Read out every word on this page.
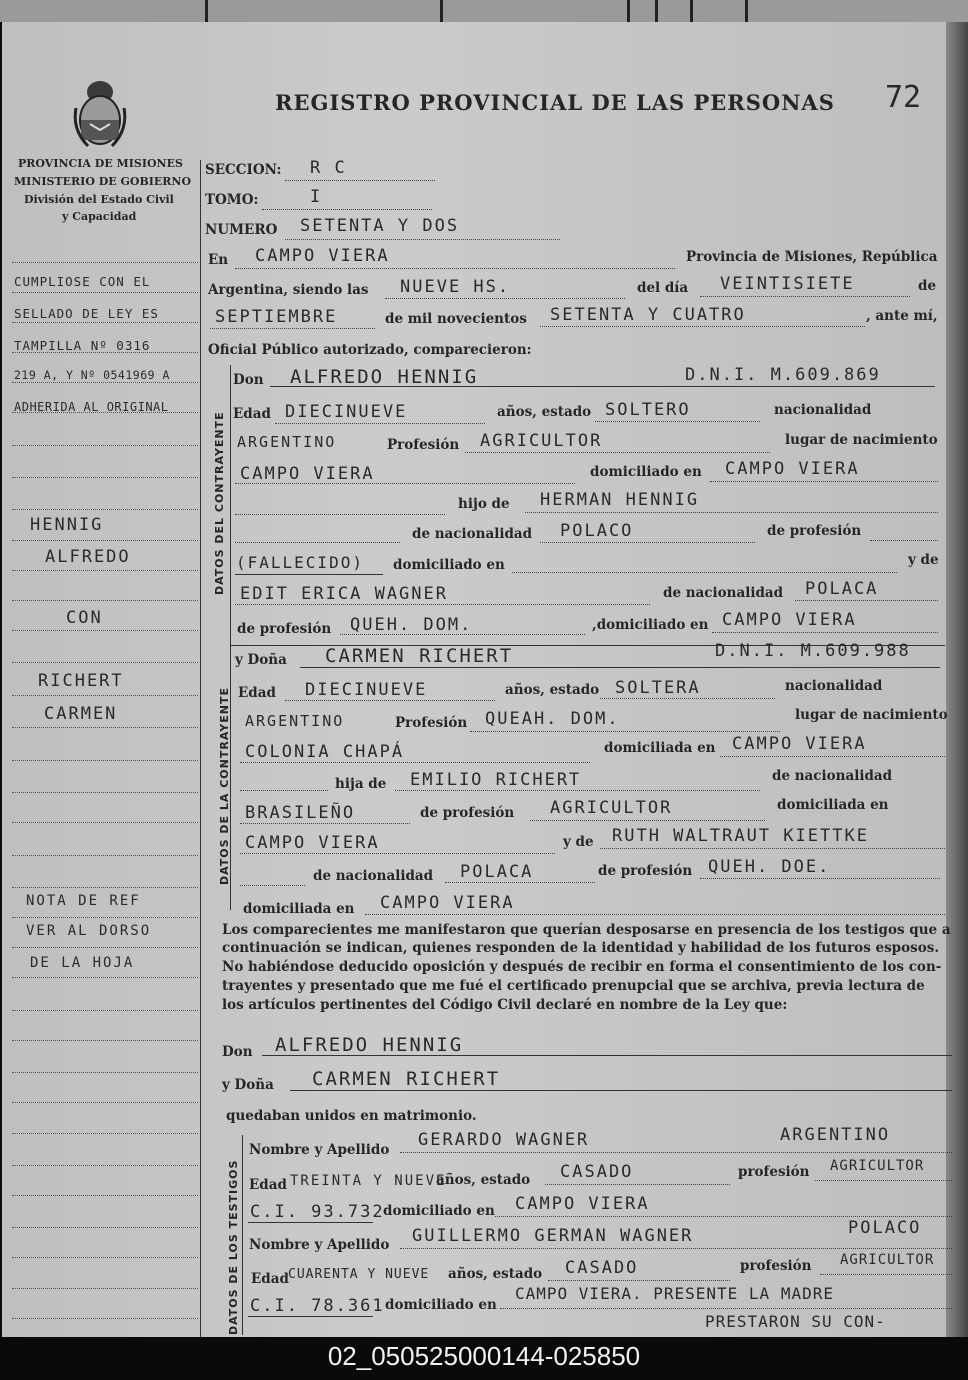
REGISTRO PROVINCIAL DE LAS PERSONAS 72
PROVINCIA DE MISIONES
MINISTERIO DE GOBIERNO
División del Estado Civil
y Capacidad
CUMPLIOSE CON EL
SELLADO DE LEY ES
TAMPILLA Nº 0316
219 A, Y Nº 0541969 A
ADHERIDA AL ORIGINAL
HENNIG
ALFREDO
CON
RICHERT
CARMEN
NOTA DE REF
VER AL DORSO
DE LA HOJA
SECCION: R C
TOMO:	I
NUMERO SETENTA Y DOS
En CAMPO VIERA	Provincia de Misiones, República
Argentina, siendo las NUEVE HS.	del día VEINTISIETE	de
SEPTIEMBRE	de mil novecientos SETENTA Y CUATRO	, ante mí,
Oficial Público autorizado, comparecieron:
DATOS DEL CONTRAYENTE
Don ALFREDO HENNIG	D.N.I. M.609.869
Edad DIECINUEVE	años, estado SOLTERO	nacionalidad
ARGENTINO	Profesión AGRICULTOR	lugar de nacimiento
CAMPO VIERA	domiciliado en CAMPO VIERA
hijo de HERMAN HENNIG
de nacionalidad POLACO	de profesión
(FALLECIDO) domiciliado en	y de
EDIT ERICA WAGNER	de nacionalidad POLACA
de profesión QUEH. DOM.	,domiciliado en CAMPO VIERA
DATOS DE LA CONTRAYENTE
y Doña CARMEN RICHERT	D.N.I. M.609.988
Edad DIECINUEVE	años, estado SOLTERA	nacionalidad
ARGENTINO	Profesión QUEAH. DOM.	lugar de nacimiento
COLONIA CHAPÁ	domiciliada en CAMPO VIERA
hija de EMILIO RICHERT	de nacionalidad
BRASILEÑO	de profesión AGRICULTOR	domiciliada en
CAMPO VIERA	y de RUTH WALTRAUT KIETTKE
de nacionalidad POLACA	de profesión QUEH. DOE.
domiciliada en CAMPO VIERA
Los comparecientes me manifestaron que querían desposarse en presencia de los testigos que a
continuación se indican, quienes responden de la identidad y habilidad de los futuros esposos.
No habiéndose deducido oposición y después de recibir en forma el consentimiento de los con-
trayentes y presentado que me fué el certificado prenupcial que se archiva, previa lectura de
los artículos pertinentes del Código Civil declaré en nombre de la Ley que:
Don ALFREDO HENNIG
y Doña CARMEN RICHERT
quedaban unidos en matrimonio.
DATOS DE LOS TESTIGOS
Nombre y Apellido GERARDO WAGNER	ARGENTINO
Edad TREINTA Y NUEVE
años, estado CASADO	profesión AGRICULTOR
C.I. 93.732
domiciliado en CAMPO VIERA
Nombre y Apellido GUILLERMO GERMAN WAGNER	POLACO
Edad CUARENTA Y NUEVE años, estado CASADO	profesión AGRICULTOR
C.I. 78.361 domiciliado en
CAMPO VIERA. PRESENTE LA MADRE
PRESTARON SU CON-
02_050525000144-025850
